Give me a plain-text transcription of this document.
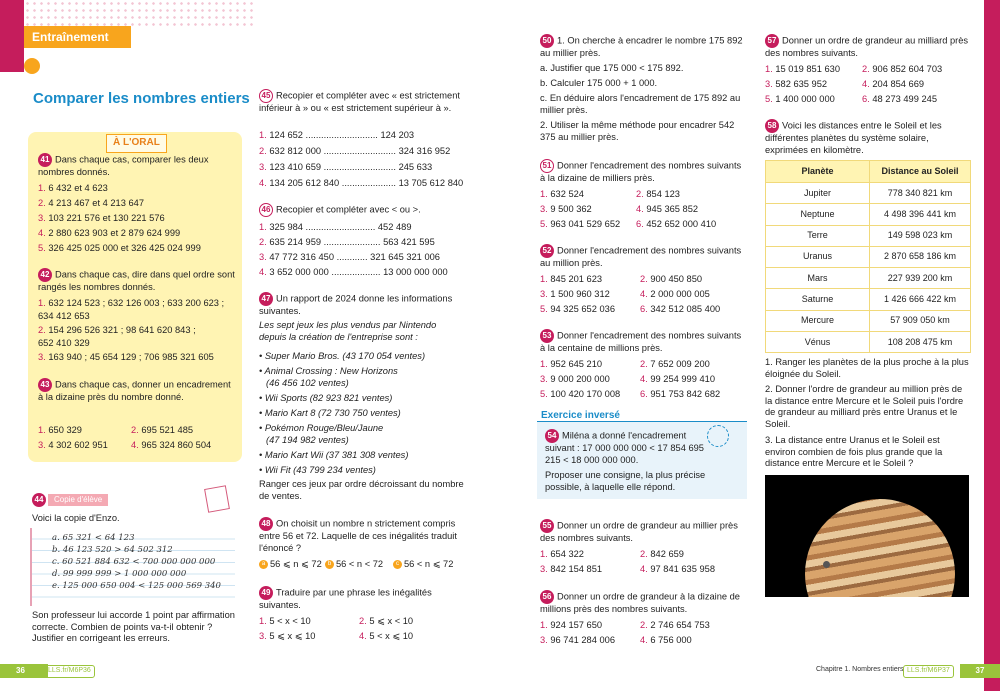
Entraînement
Comparer les nombres entiers
À L'ORAL
41 Dans chaque cas, comparer les deux nombres donnés.
1. 6 432 et 4 623
2. 4 213 467 et 4 213 647
3. 103 221 576 et 130 221 576
4. 2 880 623 903 et 2 879 624 999
5. 326 425 025 000 et 326 425 024 999
42 Dans chaque cas, dire dans quel ordre sont rangés les nombres donnés.
1. 632 124 523 ; 632 126 003 ; 633 200 623 ;
634 412 653
2. 154 296 526 321 ; 98 641 620 843 ;
652 410 329
3. 163 940 ; 45 654 129 ; 706 985 321 605
43 Dans chaque cas, donner un encadrement à la dizaine près du nombre donné.
1. 650 329	2. 695 521 485
3. 4 302 602 951 4. 965 324 860 504
44	Copie d'élève
Voici la copie d'Enzo.
a. 65 321 < 64 123
b. 46 123 520 > 64 502 312
c. 60 521 884 632 < 700 000 000 000
d. 99 999 999 > 1 000 000 000
e. 125 000 650 004 < 125 000 569 340
Son professeur lui accorde 1 point par affirmation correcte. Combien de points va-t-il obtenir ? Justifier en corrigeant les erreurs.
45 Recopier et compléter avec « est strictement inférieur à » ou « est strictement supérieur à ».
1. 124 652 ............................ 124 203
2. 632 812 000 ............................ 324 316 952
3. 123 410 659 ............................ 245 633
4. 134 205 612 840 ..................... 13 705 612 840
46 Recopier et compléter avec < ou >.
1. 325 984 ........................... 452 489
2. 635 214 959 ...................... 563 421 595
3. 47 772 316 450 ............ 321 645 321 006
4. 3 652 000 000 ................... 13 000 000 000
47 Un rapport de 2024 donne les informations suivantes.
Les sept jeux les plus vendus par Nintendo depuis la création de l'entreprise sont :
• Super Mario Bros. (43 170 054 ventes)
• Animal Crossing : New Horizons
(46 456 102 ventes)
• Wii Sports (82 923 821 ventes)
• Mario Kart 8 (72 730 750 ventes)
• Pokémon Rouge/Bleu/Jaune
(47 194 982 ventes)
• Mario Kart Wii (37 381 308 ventes)
• Wii Fit (43 799 234 ventes)
Ranger ces jeux par ordre décroissant du nombre de ventes.
48 On choisit un nombre n strictement compris entre 56 et 72. Laquelle de ces inégalités traduit l'énoncé ?
a 56 ⩽ n ⩽ 72	b 56 < n < 72	c 56 < n ⩽ 72
49 Traduire par une phrase les inégalités suivantes.
1. 5 < x < 10	2. 5 ⩽ x < 10
3. 5 ⩽ x ⩽ 10	4. 5 < x ⩽ 10
50 1. On cherche à encadrer le nombre 175 892 au millier près.
a. Justifier que 175 000 < 175 892.
b. Calculer 175 000 + 1 000.
c. En déduire alors l'encadrement de 175 892 au millier près.
2. Utiliser la même méthode pour encadrer 542 375 au millier près.
51 Donner l'encadrement des nombres suivants à la dizaine de milliers près.
1. 632 524	2. 854 123
3. 9 500 362	4. 945 365 852
5. 963 041 529 652 6. 452 652 000 410
52 Donner l'encadrement des nombres suivants au million près.
1. 845 201 623	2. 900 450 850
3. 1 500 960 312	4. 2 000 000 005
5. 94 325 652 036	6. 342 512 085 400
53 Donner l'encadrement des nombres suivants à la centaine de millions près.
1. 952 645 210	2. 7 652 009 200
3. 9 000 200 000	4. 99 254 999 410
5. 100 420 170 008 6. 951 753 842 682
Exercice inversé
54 Miléna a donné l'encadrement suivant : 17 000 000 000 < 17 854 695 215 < 18 000 000 000.
Proposer une consigne, la plus précise possible, à laquelle elle répond.
55 Donner un ordre de grandeur au millier près des nombres suivants.
1. 654 322	2. 842 659
3. 842 154 851	4. 97 841 635 958
56 Donner un ordre de grandeur à la dizaine de millions près des nombres suivants.
1. 924 157 650	2. 2 746 654 753
3. 96 741 284 006	4. 6 756 000
57 Donner un ordre de grandeur au milliard près des nombres suivants.
1. 15 019 851 630 2. 906 852 604 703
3. 582 635 952	4. 204 854 669
5. 1 400 000 000	6. 48 273 499 245
58 Voici les distances entre le Soleil et les différentes planètes du système solaire, exprimées en kilomètre.
Planète	Distance au Soleil
Jupiter	778 340 821 km
Neptune	4 498 396 441 km
Terre	149 598 023 km
Uranus	2 870 658 186 km
Mars	227 939 200 km
Saturne	1 426 666 422 km
Mercure	57 909 050 km
Vénus	108 208 475 km
1. Ranger les planètes de la plus proche à la plus éloignée du Soleil.
2. Donner l'ordre de grandeur au million près de la distance entre Mercure et le Soleil puis l'ordre de grandeur au milliard près entre Uranus et le Soleil.
3. La distance entre Uranus et le Soleil est environ combien de fois plus grande que la distance entre Mercure et le Soleil ?
36	LLS.fr/M6P36	Chapitre 1. Nombres entiers LLS.fr/M6P37	37
